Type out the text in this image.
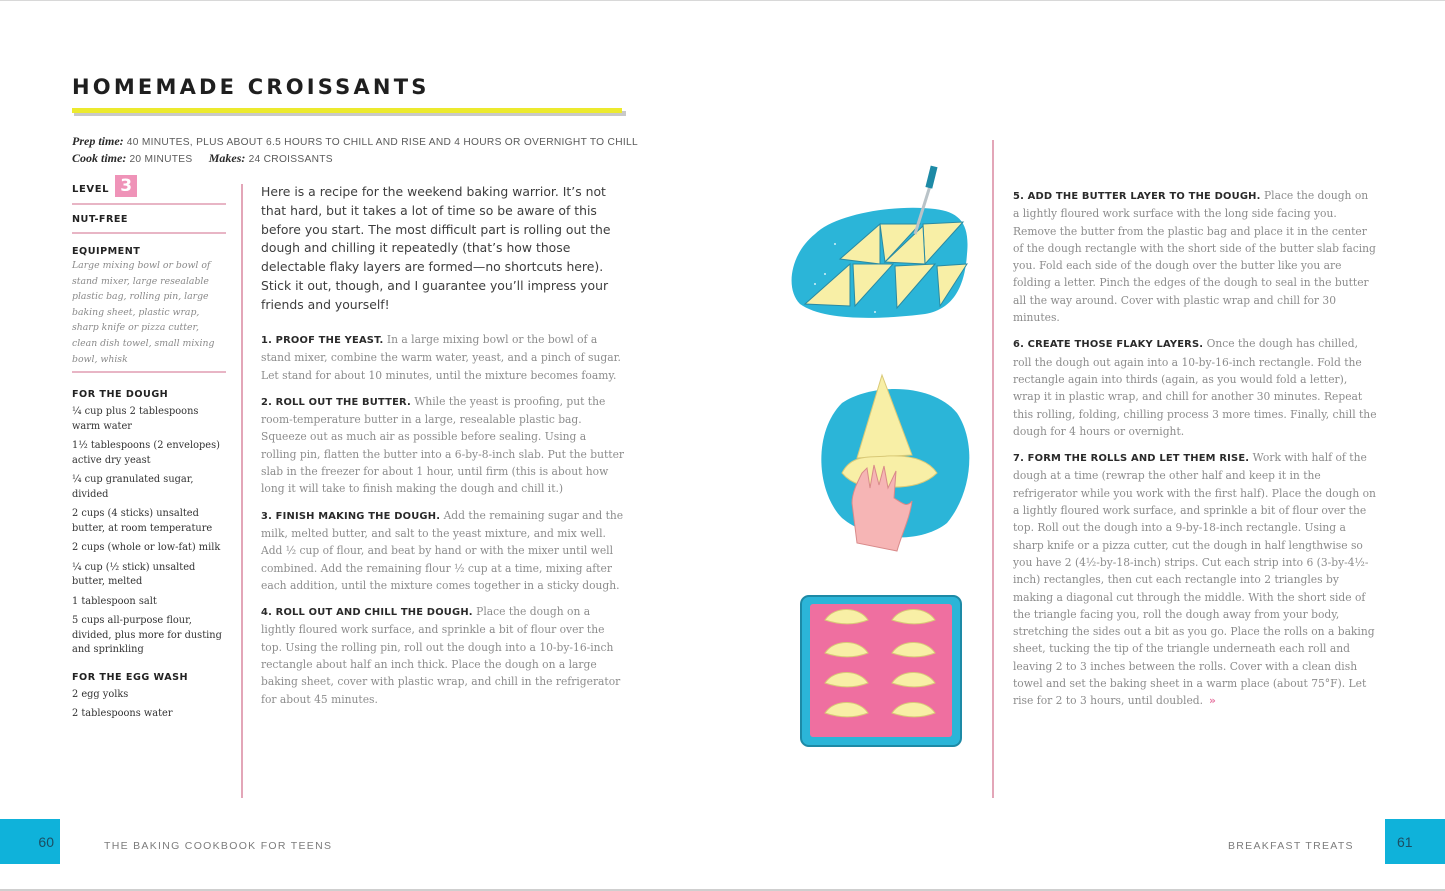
HOMEMADE CROISSANTS
Prep time: 40 MINUTES, PLUS ABOUT 6.5 HOURS TO CHILL AND RISE AND 4 HOURS OR OVERNIGHT TO CHILL
Cook time: 20 MINUTES Makes: 24 CROISSANTS
LEVEL 3
NUT-FREE
EQUIPMENT
Large mixing bowl or bowl of stand mixer, large resealable plastic bag, rolling pin, large baking sheet, plastic wrap, sharp knife or pizza cutter, clean dish towel, small mixing bowl, whisk
FOR THE DOUGH
¼ cup plus 2 tablespoons warm water
1½ tablespoons (2 envelopes) active dry yeast
¼ cup granulated sugar, divided
2 cups (4 sticks) unsalted butter, at room temperature
2 cups (whole or low-fat) milk
¼ cup (½ stick) unsalted butter, melted
1 tablespoon salt
5 cups all-purpose flour, divided, plus more for dusting and sprinkling
FOR THE EGG WASH
2 egg yolks
2 tablespoons water
Here is a recipe for the weekend baking warrior. It’s not that hard, but it takes a lot of time so be aware of this before you start. The most difficult part is rolling out the dough and chilling it repeatedly (that’s how those delectable flaky layers are formed—no shortcuts here). Stick it out, though, and I guarantee you’ll impress your friends and yourself!
1. PROOF THE YEAST. In a large mixing bowl or the bowl of a stand mixer, combine the warm water, yeast, and a pinch of sugar. Let stand for about 10 minutes, until the mixture becomes foamy.
2. ROLL OUT THE BUTTER. While the yeast is proofing, put the room-temperature butter in a large, resealable plastic bag. Squeeze out as much air as possible before sealing. Using a rolling pin, flatten the butter into a 6-by-8-inch slab. Put the butter slab in the freezer for about 1 hour, until firm (this is about how long it will take to finish making the dough and chill it.)
3. FINISH MAKING THE DOUGH. Add the remaining sugar and the milk, melted butter, and salt to the yeast mixture, and mix well. Add ½ cup of flour, and beat by hand or with the mixer until well combined. Add the remaining flour ½ cup at a time, mixing after each addition, until the mixture comes together in a sticky dough.
4. ROLL OUT AND CHILL THE DOUGH. Place the dough on a lightly floured work surface, and sprinkle a bit of flour over the top. Using the rolling pin, roll out the dough into a 10-by-16-inch rectangle about half an inch thick. Place the dough on a large baking sheet, cover with plastic wrap, and chill in the refrigerator for about 45 minutes.
5. ADD THE BUTTER LAYER TO THE DOUGH. Place the dough on a lightly floured work surface with the long side facing you. Remove the butter from the plastic bag and place it in the center of the dough rectangle with the short side of the butter slab facing you. Fold each side of the dough over the butter like you are folding a letter. Pinch the edges of the dough to seal in the butter all the way around. Cover with plastic wrap and chill for 30 minutes.
6. CREATE THOSE FLAKY LAYERS. Once the dough has chilled, roll the dough out again into a 10-by-16-inch rectangle. Fold the rectangle again into thirds (again, as you would fold a letter), wrap it in plastic wrap, and chill for another 30 minutes. Repeat this rolling, folding, chilling process 3 more times. Finally, chill the dough for 4 hours or overnight.
7. FORM THE ROLLS AND LET THEM RISE. Work with half of the dough at a time (rewrap the other half and keep it in the refrigerator while you work with the first half). Place the dough on a lightly floured work surface, and sprinkle a bit of flour over the top. Roll out the dough into a 9-by-18-inch rectangle. Using a sharp knife or a pizza cutter, cut the dough in half lengthwise so you have 2 (4½-by-18-inch) strips. Cut each strip into 6 (3-by-4½-inch) rectangles, then cut each rectangle into 2 triangles by making a diagonal cut through the middle. With the short side of the triangle facing you, roll the dough away from your body, stretching the sides out a bit as you go. Place the rolls on a baking sheet, tucking the tip of the triangle underneath each roll and leaving 2 to 3 inches between the rolls. Cover with a clean dish towel and set the baking sheet in a warm place (about 75°F). Let rise for 2 to 3 hours, until doubled. »
60	THE BAKING COOKBOOK FOR TEENS	BREAKFAST TREATS	61
